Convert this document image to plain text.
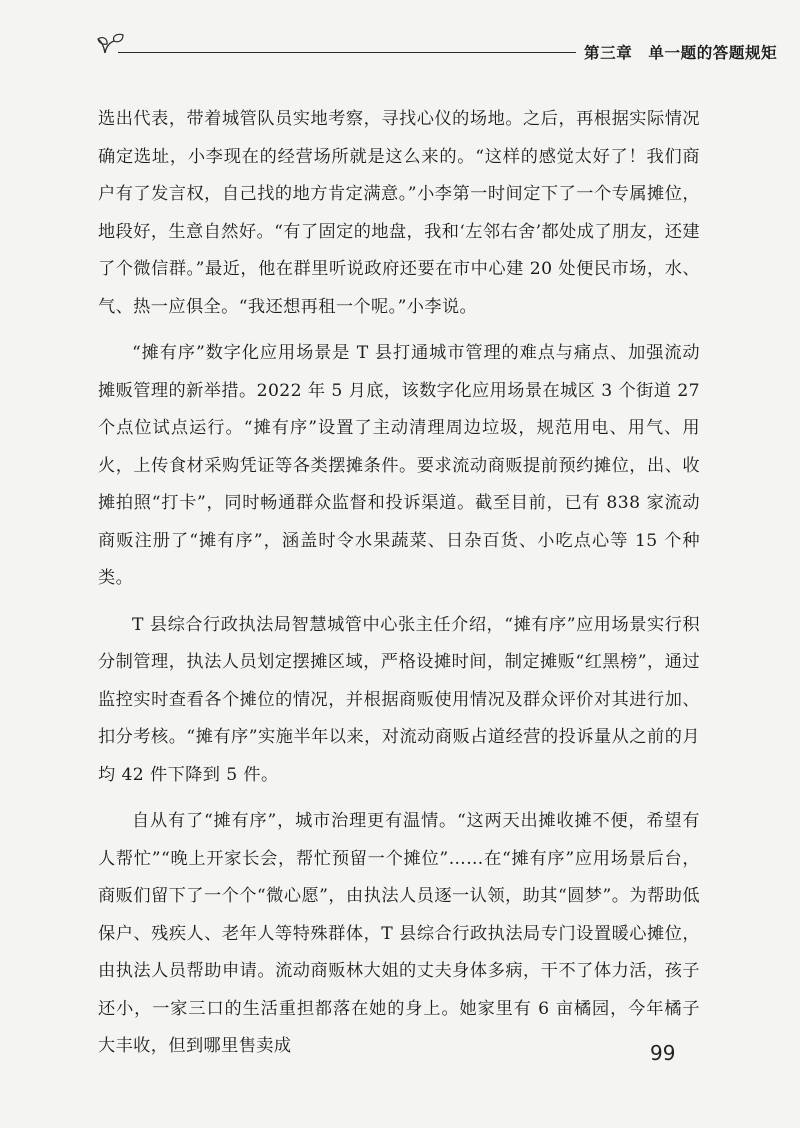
第三章　单一题的答题规矩

选出代表，带着城管队员实地考察，寻找心仪的场地。之后，再根据实际情况确定选址，小李现在的经营场所就是这么来的。“这样的感觉太好了！我们商户有了发言权，自己找的地方肯定满意。”小李第一时间定下了一个专属摊位，地段好，生意自然好。“有了固定的地盘，我和‘左邻右舍’都处成了朋友，还建了个微信群。”最近，他在群里听说政府还要在市中心建 20 处便民市场，水、气、热一应俱全。“我还想再租一个呢。”小李说。

“摊有序”数字化应用场景是 T 县打通城市管理的难点与痛点、加强流动摊贩管理的新举措。2022 年 5 月底，该数字化应用场景在城区 3 个街道 27 个点位试点运行。“摊有序”设置了主动清理周边垃圾，规范用电、用气、用火，上传食材采购凭证等各类摆摊条件。要求流动商贩提前预约摊位，出、收摊拍照“打卡”，同时畅通群众监督和投诉渠道。截至目前，已有 838 家流动商贩注册了“摊有序”，涵盖时令水果蔬菜、日杂百货、小吃点心等 15 个种类。

T 县综合行政执法局智慧城管中心张主任介绍，“摊有序”应用场景实行积分制管理，执法人员划定摆摊区域，严格设摊时间，制定摊贩“红黑榜”，通过监控实时查看各个摊位的情况，并根据商贩使用情况及群众评价对其进行加、扣分考核。“摊有序”实施半年以来，对流动商贩占道经营的投诉量从之前的月均 42 件下降到 5 件。

自从有了“摊有序”，城市治理更有温情。“这两天出摊收摊不便，希望有人帮忙”“晚上开家长会，帮忙预留一个摊位”……在“摊有序”应用场景后台，商贩们留下了一个个“微心愿”，由执法人员逐一认领，助其“圆梦”。为帮助低保户、残疾人、老年人等特殊群体，T 县综合行政执法局专门设置暖心摊位，由执法人员帮助申请。流动商贩林大姐的丈夫身体多病，干不了体力活，孩子还小，一家三口的生活重担都落在她的身上。她家里有 6 亩橘园，今年橘子大丰收，但到哪里售卖成	99
